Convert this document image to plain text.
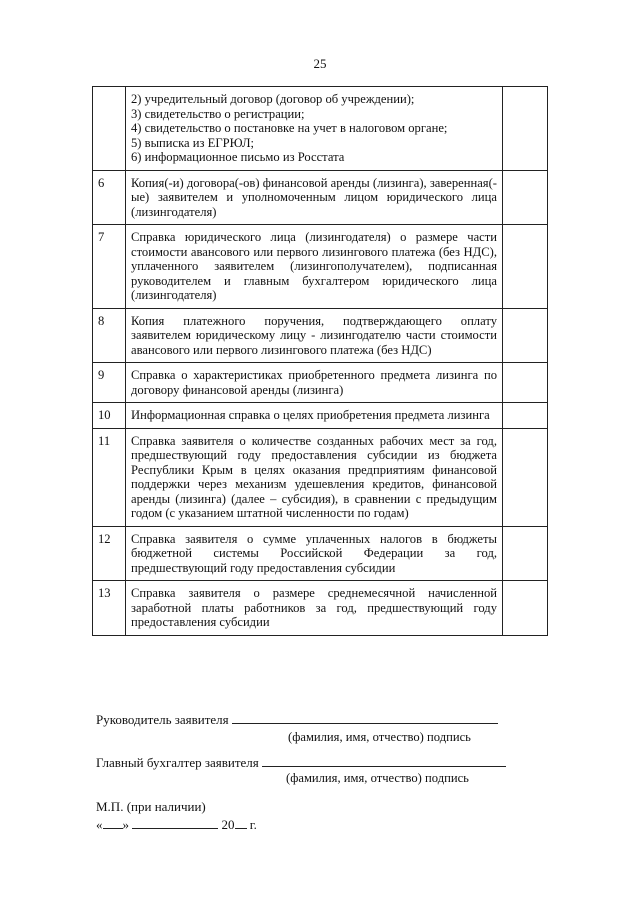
25

	2) учредительный договор (договор об учреждении);
3) свидетельство о регистрации;
4) свидетельство о постановке на учет в налоговом органе;
5) выписка из ЕГРЮЛ;
6) информационное письмо из Росстата	

6	Копия(-и) договора(-ов) финансовой аренды (лизинга), заверенная(-ые) заявителем и уполномоченным лицом юридического лица (лизингодателя)	
7	Справка юридического лица (лизингодателя) о размере части стоимости авансового или первого лизингового платежа (без НДС), уплаченного заявителем (лизингополучателем), подписанная руководителем и главным бухгалтером юридического лица (лизингодателя)	
8	Копия платежного поручения, подтверждающего оплату заявителем юридическому лицу - лизингодателю части стоимости авансового или первого лизингового платежа (без НДС)	
9	Справка о характеристиках приобретенного предмета лизинга по договору финансовой аренды (лизинга)	
10	Информационная справка о целях приобретения предмета лизинга	
11	Справка заявителя о количестве созданных рабочих мест за год, предшествующий году предоставления субсидии из бюджета Республики Крым в целях оказания предприятиям финансовой поддержки через механизм удешевления кредитов, финансовой аренды (лизинга) (далее – субсидия), в сравнении с предыдущим годом (с указанием штатной численности по годам)	
12	Справка заявителя о сумме уплаченных налогов в бюджеты бюджетной системы Российской Федерации за год, предшествующий году предоставления субсидии	
13	Справка заявителя о размере среднемесячной начисленной заработной платы работников за год, предшествующий году предоставления субсидии	
Руководитель заявителя
(фамилия, имя, отчество) подпись
Главный бухгалтер заявителя
(фамилия, имя, отчество) подпись
М.П. (при наличии)
« »	20 г.
